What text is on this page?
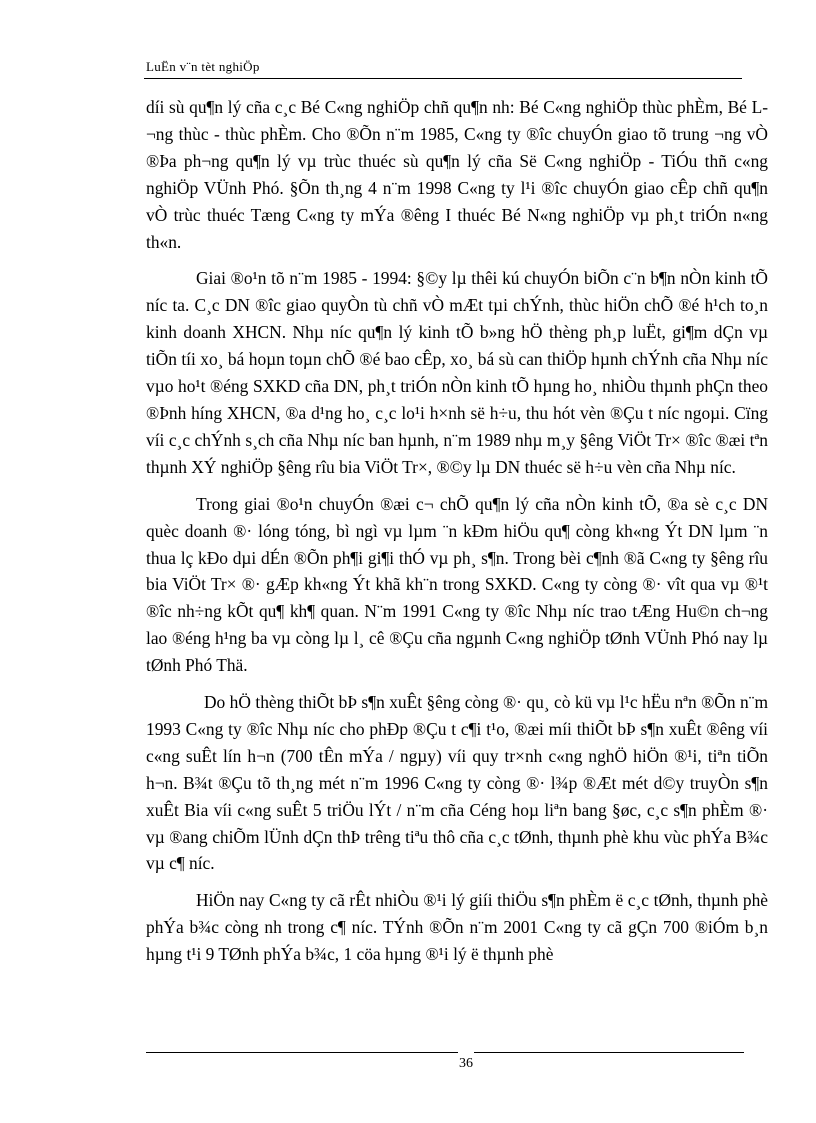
LuËn v¨n tèt nghiÖp

díi sù qu¶n lý cña c¸c Bé C«ng nghiÖp chñ qu¶n nh: Bé C«ng nghiÖp thùc phÈm, Bé L¬ng thùc - thùc phÈm. Cho ®Õn n¨m 1985, C«ng ty ®îc chuyÓn giao tõ trung ¬ng vÒ ®Þa ph¬ng qu¶n lý vµ trùc thuéc sù qu¶n lý cña Së C«ng nghiÖp - TiÓu thñ c«ng nghiÖp VÜnh Phó. §Õn th¸ng 4 n¨m 1998 C«ng ty l¹i ®îc chuyÓn giao cÊp chñ qu¶n vÒ trùc thuéc Tæng C«ng ty mÝa ®êng I thuéc Bé N«ng nghiÖp vµ ph¸t triÓn n«ng th«n.

Giai ®o¹n tõ n¨m 1985 - 1994: §©y lµ thêi kú chuyÓn biÕn c¨n b¶n nÒn kinh tÕ níc ta. C¸c DN ®îc giao quyÒn tù chñ vÒ mÆt tµi chÝnh, thùc hiÖn chÕ ®é h¹ch to¸n kinh doanh XHCN. Nhµ níc qu¶n lý kinh tÕ b»ng hÖ thèng ph¸p luËt, gi¶m dÇn vµ tiÕn tíi xo¸ bá hoµn toµn chÕ ®é bao cÊp, xo¸ bá sù can thiÖp hµnh chÝnh cña Nhµ níc vµo ho¹t ®éng SXKD cña DN, ph¸t triÓn nÒn kinh tÕ hµng ho¸ nhiÒu thµnh phÇn theo ®Þnh híng XHCN, ®a d¹ng ho¸ c¸c lo¹i h×nh së h÷u, thu hót vèn ®Çu t níc ngoµi. Cïng víi c¸c chÝnh s¸ch cña Nhµ níc ban hµnh, n¨m 1989 nhµ m¸y §êng ViÖt Tr× ®îc ®æi tªn thµnh XÝ nghiÖp §êng rîu bia ViÖt Tr×, ®©y lµ DN thuéc së h÷u vèn cña Nhµ níc.

Trong giai ®o¹n chuyÓn ®æi c¬ chÕ qu¶n lý cña nÒn kinh tÕ, ®a sè c¸c DN quèc doanh ®· lóng tóng, bì ngì vµ lµm ¨n kÐm hiÖu qu¶ còng kh«ng Ýt DN lµm ¨n thua lç kÐo dµi dÉn ®Õn ph¶i gi¶i thÓ vµ ph¸ s¶n. Trong bèi c¶nh ®ã C«ng ty §êng rîu bia ViÖt Tr× ®· gÆp kh«ng Ýt khã kh¨n trong SXKD. C«ng ty còng ®· vît qua vµ ®¹t ®îc nh÷ng kÕt qu¶ kh¶ quan. N¨m 1991 C«ng ty ®îc Nhµ níc trao tÆng Hu©n ch¬ng lao ®éng h¹ng ba vµ còng lµ l¸ cê ®Çu cña ngµnh C«ng nghiÖp tØnh VÜnh Phó nay lµ tØnh Phó Thä.

Do hÖ thèng thiÕt bÞ s¶n xuÊt §êng còng ®· qu¸ cò kü vµ l¹c hËu nªn ®Õn n¨m 1993 C«ng ty ®îc Nhµ níc cho phÐp ®Çu t c¶i t¹o, ®æi míi thiÕt bÞ s¶n xuÊt ®êng víi c«ng suÊt lín h¬n (700 tÊn mÝa / ngµy) víi quy tr×nh c«ng nghÖ hiÖn ®¹i, tiªn tiÕn h¬n. B¾t ®Çu tõ th¸ng mét n¨m 1996 C«ng ty còng ®· l¾p ®Æt mét d©y truyÒn s¶n xuÊt Bia víi c«ng suÊt 5 triÖu lÝt / n¨m cña Céng hoµ liªn bang §øc, c¸c s¶n phÈm ®· vµ ®ang chiÕm lÜnh dÇn thÞ trêng tiªu thô cña c¸c tØnh, thµnh phè khu vùc phÝa B¾c vµ c¶ níc.

HiÖn nay C«ng ty cã rÊt nhiÒu ®¹i lý giíi thiÖu s¶n phÈm ë c¸c tØnh, thµnh phè phÝa b¾c còng nh trong c¶ níc. TÝnh ®Õn n¨m 2001 C«ng ty cã gÇn 700 ®iÓm b¸n hµng t¹i 9 TØnh phÝa b¾c, 1 cöa hµng ®¹i lý ë thµnh phè

36
